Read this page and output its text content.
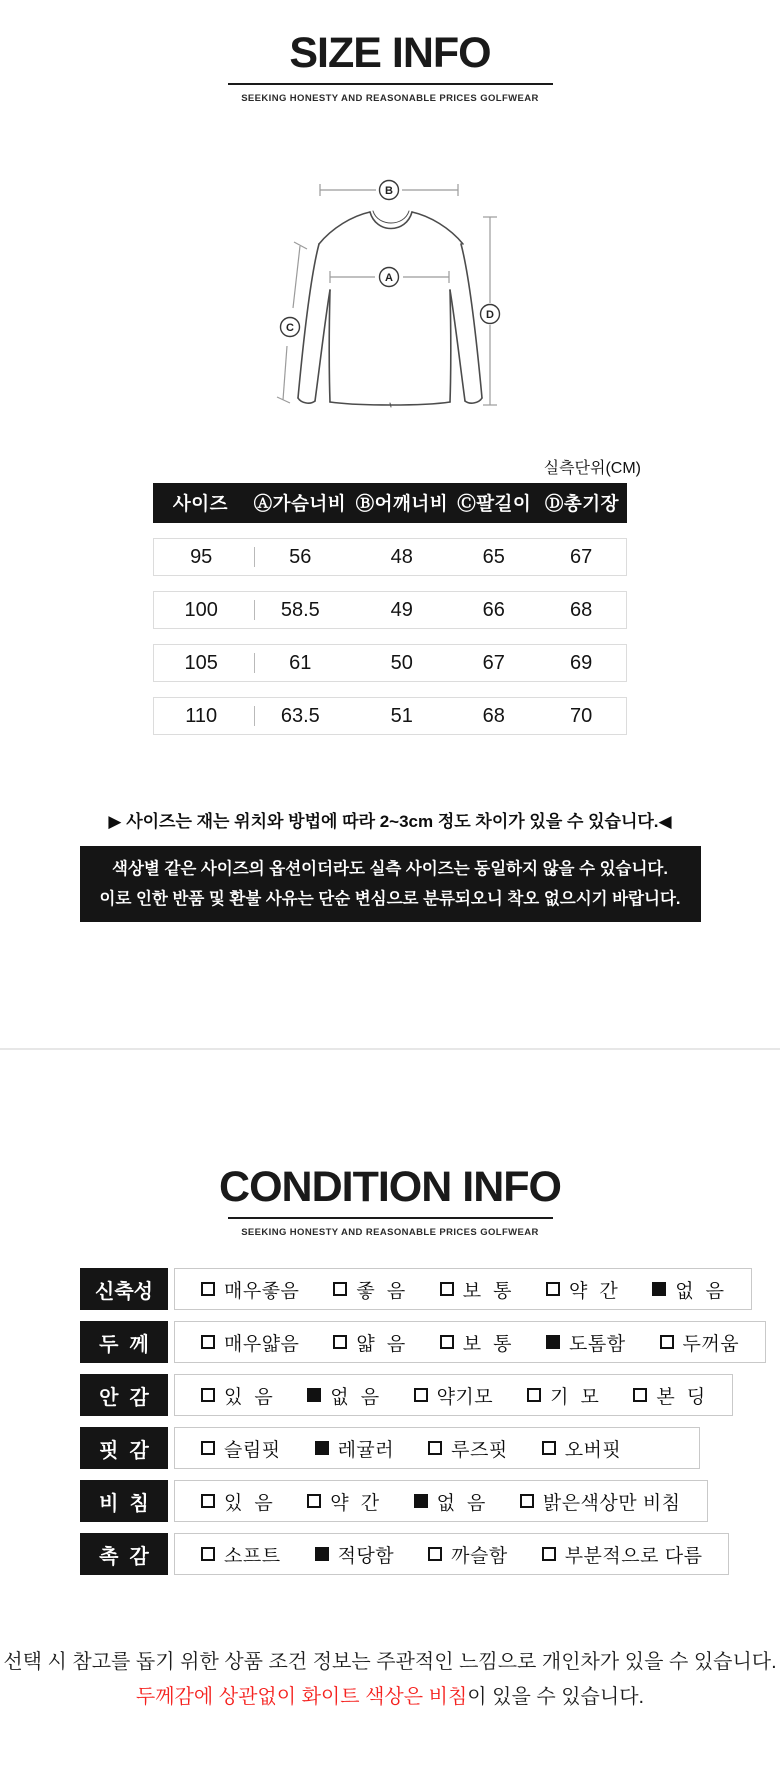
SIZE INFO
SEEKING HONESTY AND REASONABLE PRICES GOLFWEAR
B
A
C
D
실측단위(CM)
사이즈	Ⓐ가슴너비 Ⓑ어깨너비 Ⓒ팔길이 Ⓓ총기장
95	56	48	65	67
100	58.5	49	66	68
105	61	50	67	69
110	63.5	51	68	70
▶ 사이즈는 재는 위치와 방법에 따라 2~3cm 정도 차이가 있을 수 있습니다.◀
색상별 같은 사이즈의 옵션이더라도 실측 사이즈는 동일하지 않을 수 있습니다.
이로 인한 반품 및 환불 사유는 단순 변심으로 분류되오니 착오 없으시기 바랍니다.
CONDITION INFO
SEEKING HONESTY AND REASONABLE PRICES GOLFWEAR
신축성	매우좋음	좋  음	보  통	약  간	없  음
두  께	매우얇음	얇  음	보  통	도톰함	두꺼움
안  감	있  음	없  음	약기모	기  모	본  딩
핏  감	슬림핏	레귤러	루즈핏	오버핏
비  침	있  음	약  간	없  음	밝은색상만 비침
촉  감	소프트	적당함	까슬함	부분적으로 다름
선택 시 참고를 돕기 위한 상품 조건 정보는 주관적인 느낌으로 개인차가 있을 수 있습니다.
두께감에 상관없이 화이트 색상은 비침이 있을 수 있습니다.
